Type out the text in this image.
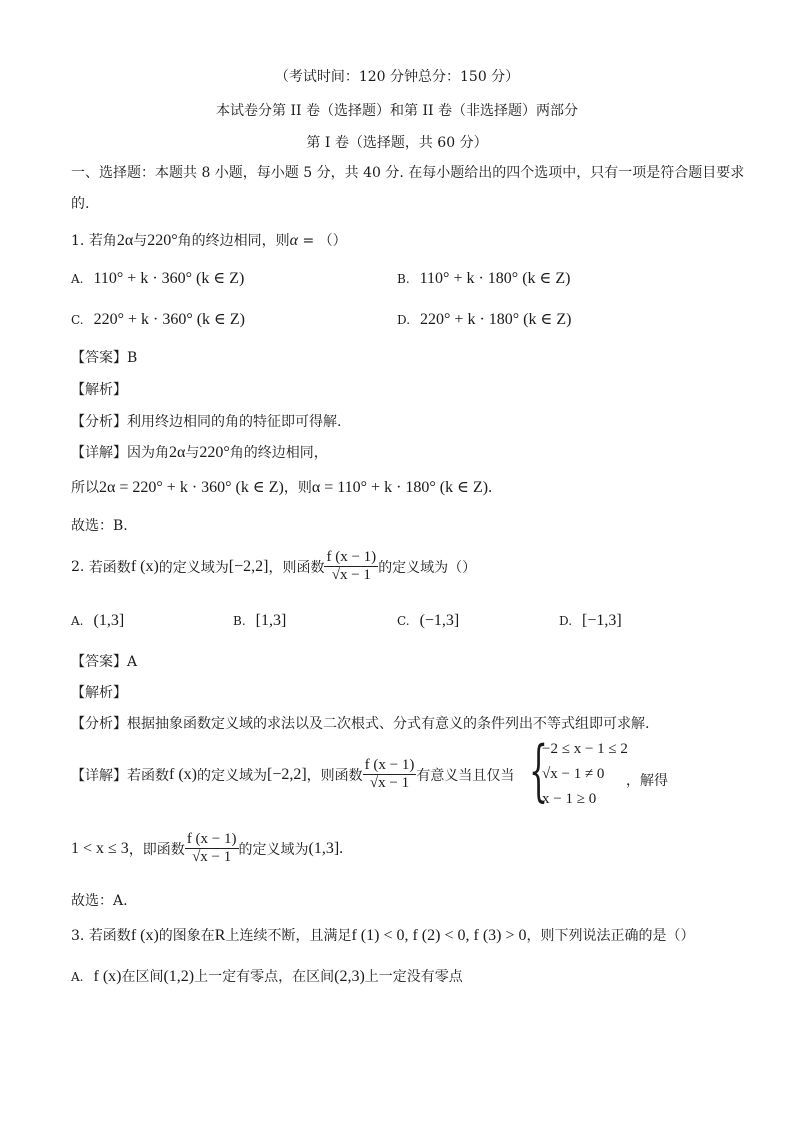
（考试时间：120 分钟总分：150 分）
本试卷分第 II 卷（选择题）和第 II 卷（非选择题）两部分
第 I 卷（选择题，共 60 分）
一、选择题：本题共 8 小题，每小题 5 分，共 40 分. 在每小题给出的四个选项中，只有一项是符合题目要求
的.
1. 若角2α与220°角的终边相同，则α = （）
A. 110° + k · 360° (k ∈ Z)	B. 110° + k · 180° (k ∈ Z)
C. 220° + k · 360° (k ∈ Z)	D. 220° + k · 180° (k ∈ Z)
【答案】B
【解析】
【分析】利用终边相同的角的特征即可得解.
【详解】因为角2α与220°角的终边相同，
所以2α = 220° + k · 360° (k ∈ Z)，则α = 110° + k · 180° (k ∈ Z).
故选：B.
2. 若函数f (x)的定义域为[−2,2]，则函数 $\frac{f (x - 1)}{√x - 1}$ 的定义域为（）
A. (1,3]	B. [1,3]	C. (−1,3]	D. [−1,3]
【答案】A
【解析】
【分析】根据抽象函数定义域的求法以及二次根式、分式有意义的条件列出不等式组即可求解.
【详解】若函数f (x)的定义域为[−2,2]，则函数 $\frac{f (x - 1)}{√x - 1}$ 有意义当且仅当 {
−2 ≤ x − 1 ≤ 2
√x − 1 ≠ 0
x − 1 ≥ 0
，解得
1 < x ≤ 3，即函数 $\frac{f (x - 1)}{√x - 1}$ 的定义域为(1,3].
故选：A.
3. 若函数f (x)的图象在R上连续不断，且满足f (1) < 0, f (2) < 0, f (3) > 0，则下列说法正确的是（）
A. f (x)在区间(1,2)上一定有零点，在区间(2,3)上一定没有零点
